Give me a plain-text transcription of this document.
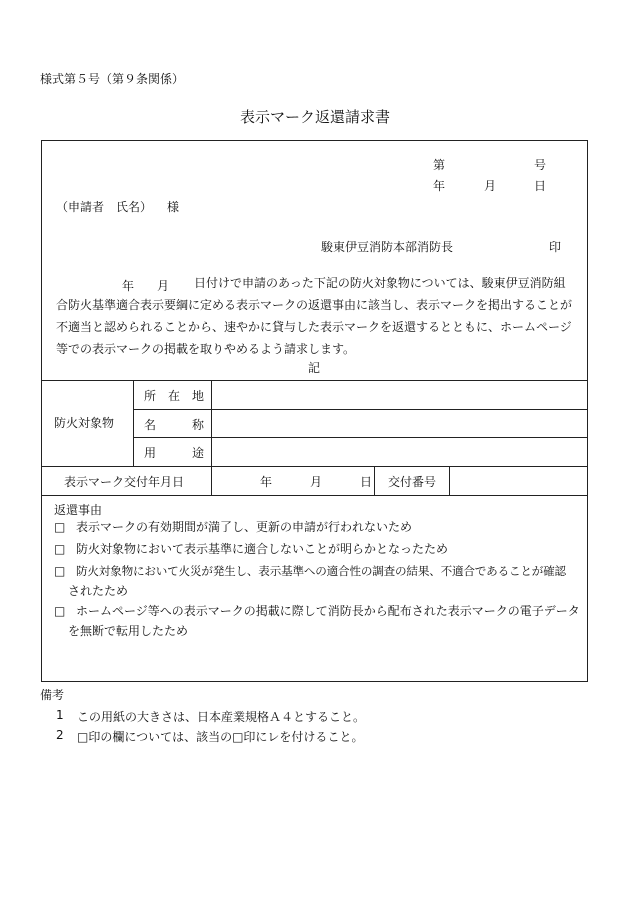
様式第５号（第９条関係）
表示マーク返還請求書
第	号
年	月	日
（申請者　氏名） 様
駿東伊豆消防本部消防長	印
年 月	日付けで申請のあった下記の防火対象物については、駿東伊豆消防組合防火基準適合表示要綱に定める表示マークの返還事由に該当し、表示マークを掲出することが不適当と認められることから、速やかに貸与した表示マークを返還するとともに、ホームページ等での表示マークの掲載を取りやめるよう請求します。
記
防火対象物
所　在　地
名　　　称
用　　　途
表示マーク交付年月日	年	月	日 交付番号
返還事由
□ 表示マークの有効期間が満了し、更新の申請が行われないため
□ 防火対象物において表示基準に適合しないことが明らかとなったため
□ 防火対象物において火災が発生し、表示基準への適合性の調査の結果、不適合であることが確認
されたため
□ ホームページ等への表示マークの掲載に際して消防長から配布された表示マークの電子データ
を無断で転用したため
備考
1 この用紙の大きさは、日本産業規格Ａ４とすること。
2 □印の欄については、該当の□印にレを付けること。
